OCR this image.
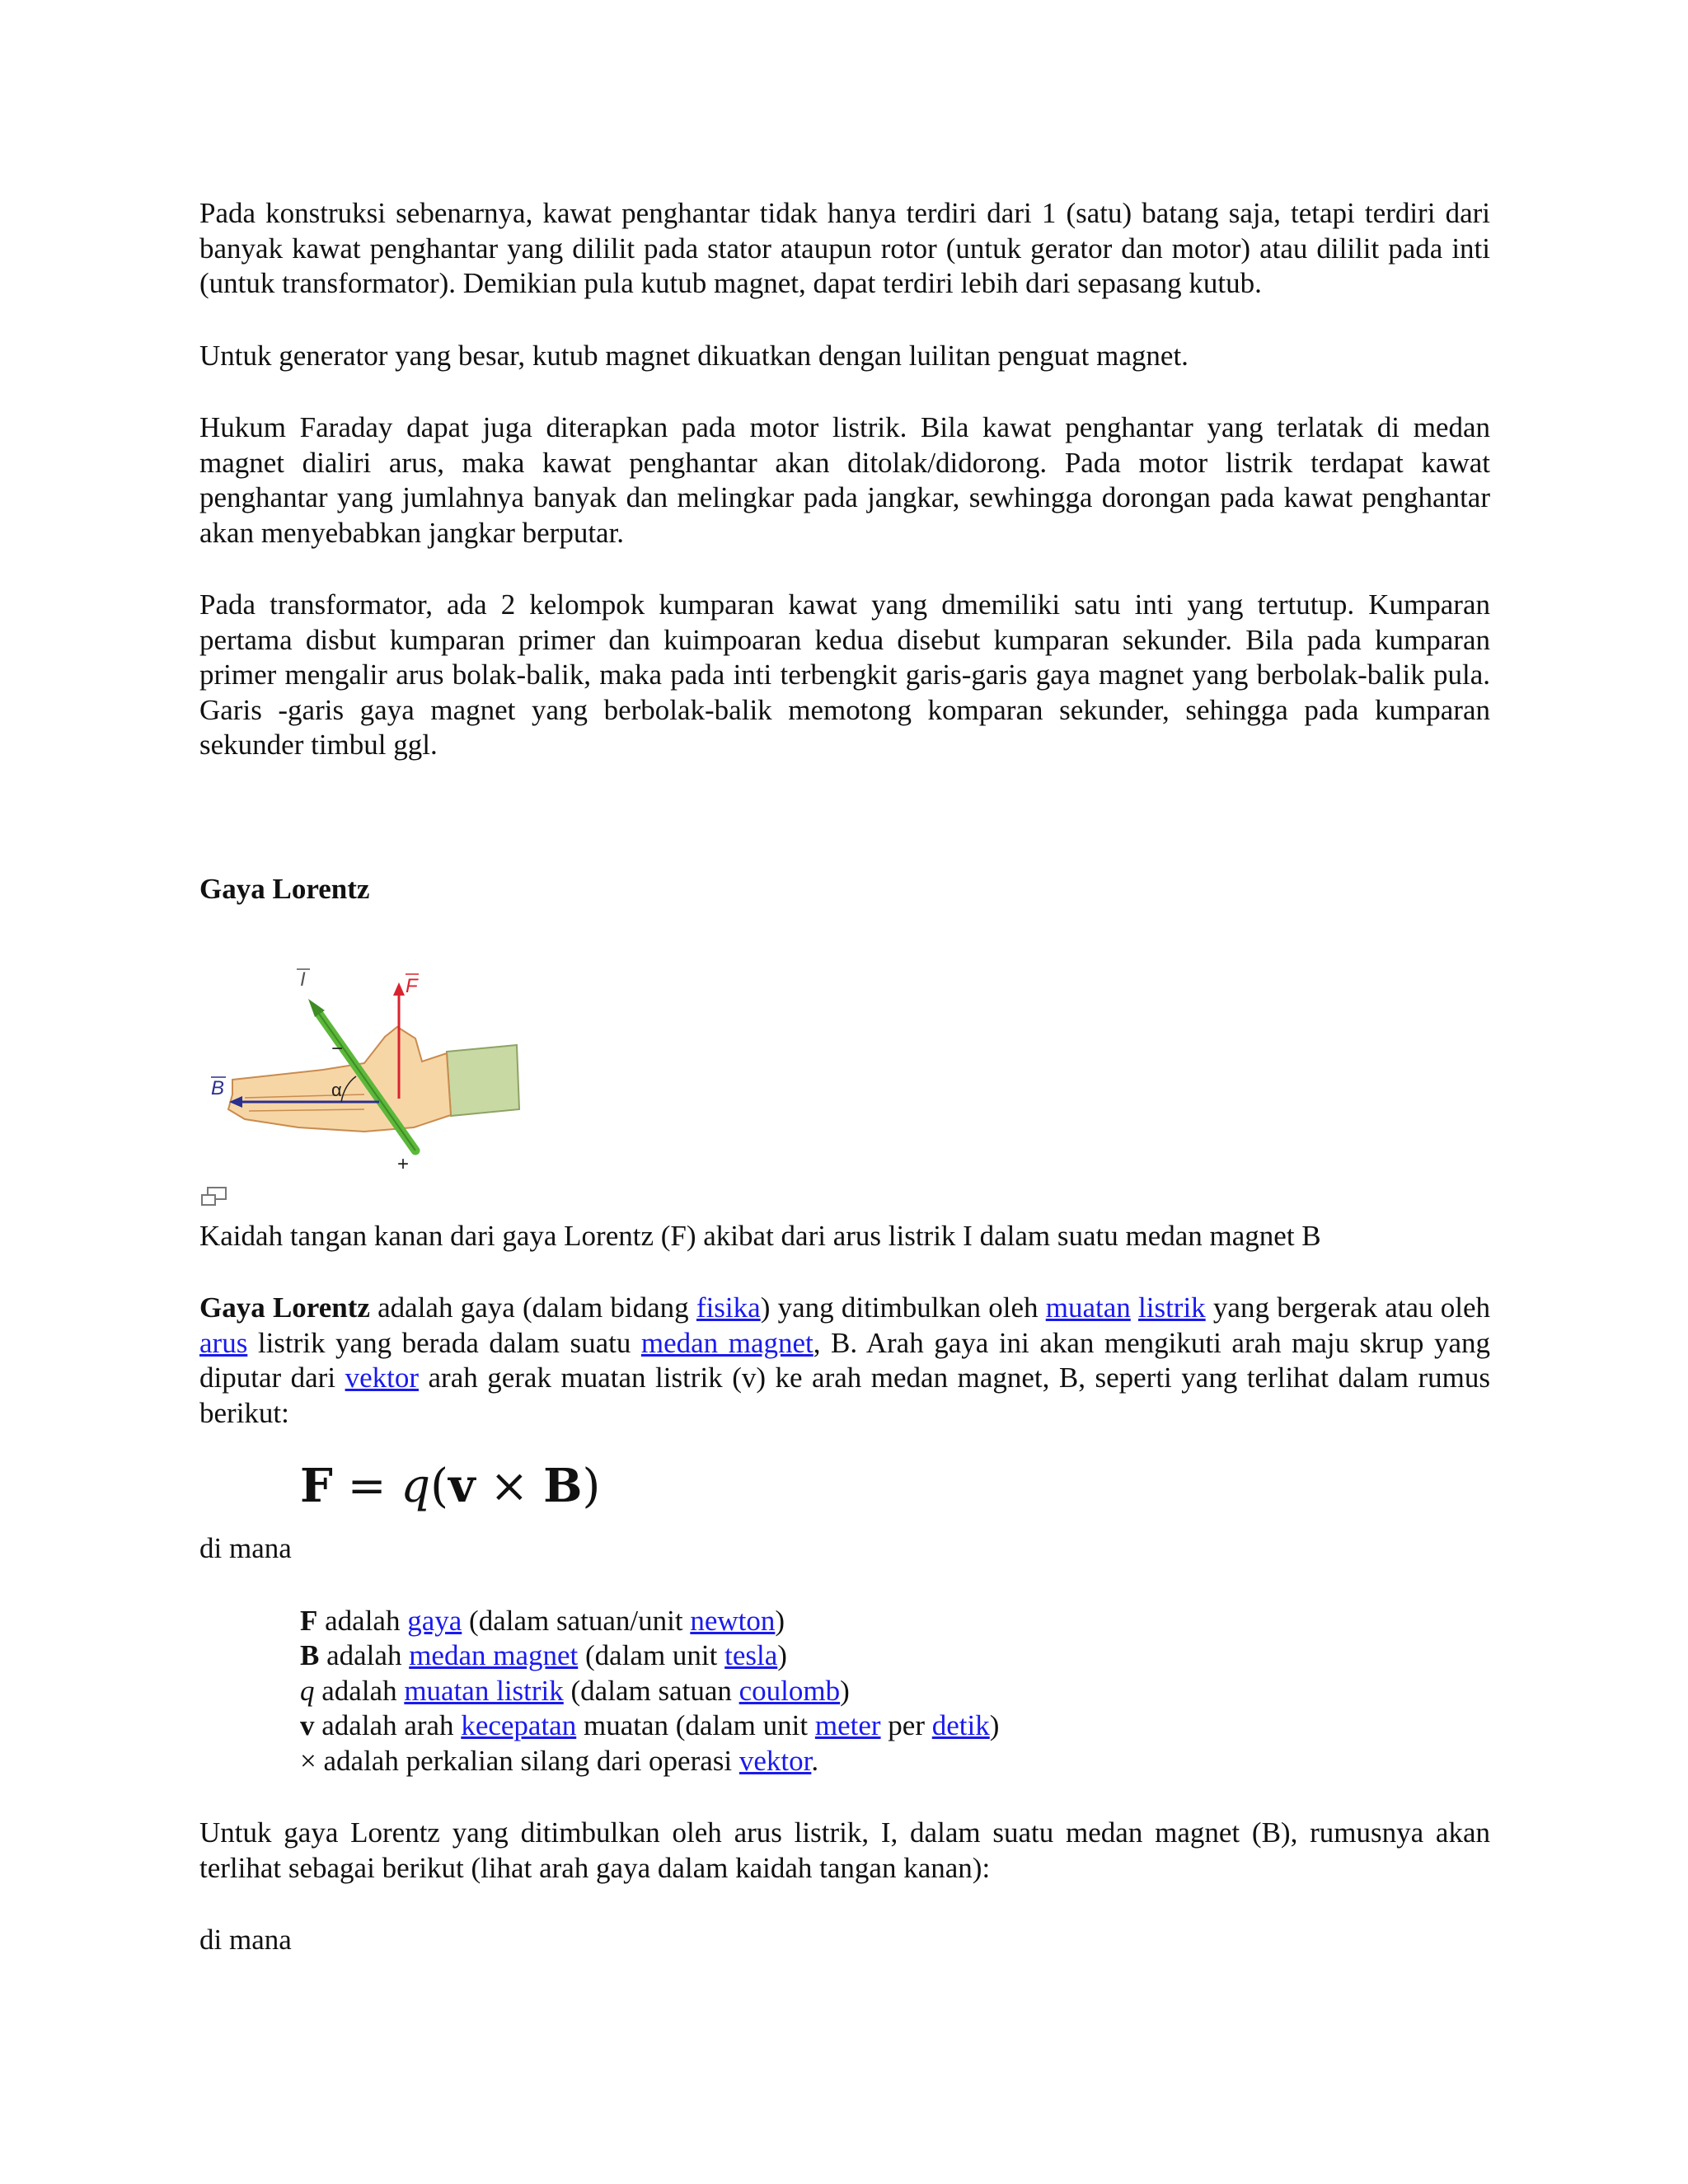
Pada konstruksi sebenarnya, kawat penghantar tidak hanya terdiri dari 1 (satu) batang saja, tetapi terdiri dari banyak kawat penghantar yang dililit pada stator ataupun rotor (untuk gerator dan motor) atau dililit pada inti (untuk transformator). Demikian pula kutub magnet, dapat terdiri lebih dari sepasang kutub.

Untuk generator yang besar, kutub magnet dikuatkan dengan luilitan penguat magnet.

Hukum Faraday dapat juga diterapkan pada motor listrik. Bila kawat penghantar yang terlatak di medan magnet dialiri arus, maka kawat penghantar akan ditolak/didorong. Pada motor listrik terdapat kawat penghantar yang jumlahnya banyak dan melingkar pada jangkar, sewhingga dorongan pada kawat penghantar akan menyebabkan jangkar berputar.

Pada transformator, ada 2 kelompok kumparan kawat yang dmemiliki satu inti yang tertutup. Kumparan pertama disbut kumparan primer dan kuimpoaran kedua disebut kumparan sekunder. Bila pada kumparan primer mengalir arus bolak-balik, maka pada inti terbengkit garis-garis gaya magnet yang berbolak-balik pula. Garis -garis gaya magnet yang berbolak-balik memotong komparan sekunder, sehingga pada kumparan sekunder timbul ggl.

Gaya Lorentz

I	F
B	α
−
+

Kaidah tangan kanan dari gaya Lorentz (F) akibat dari arus listrik I dalam suatu medan magnet B

Gaya Lorentz adalah gaya (dalam bidang fisika) yang ditimbulkan oleh muatan listrik yang bergerak atau oleh arus listrik yang berada dalam suatu medan magnet, B. Arah gaya ini akan mengikuti arah maju skrup yang diputar dari vektor arah gerak muatan listrik (v) ke arah medan magnet, B, seperti yang terlihat dalam rumus berikut:

F = q(v × B)

di mana

F adalah gaya (dalam satuan/unit newton)

B adalah medan magnet (dalam unit tesla)

q adalah muatan listrik (dalam satuan coulomb)

v adalah arah kecepatan muatan (dalam unit meter per detik)

× adalah perkalian silang dari operasi vektor.

Untuk gaya Lorentz yang ditimbulkan oleh arus listrik, I, dalam suatu medan magnet (B), rumusnya akan terlihat sebagai berikut (lihat arah gaya dalam kaidah tangan kanan):

di mana
